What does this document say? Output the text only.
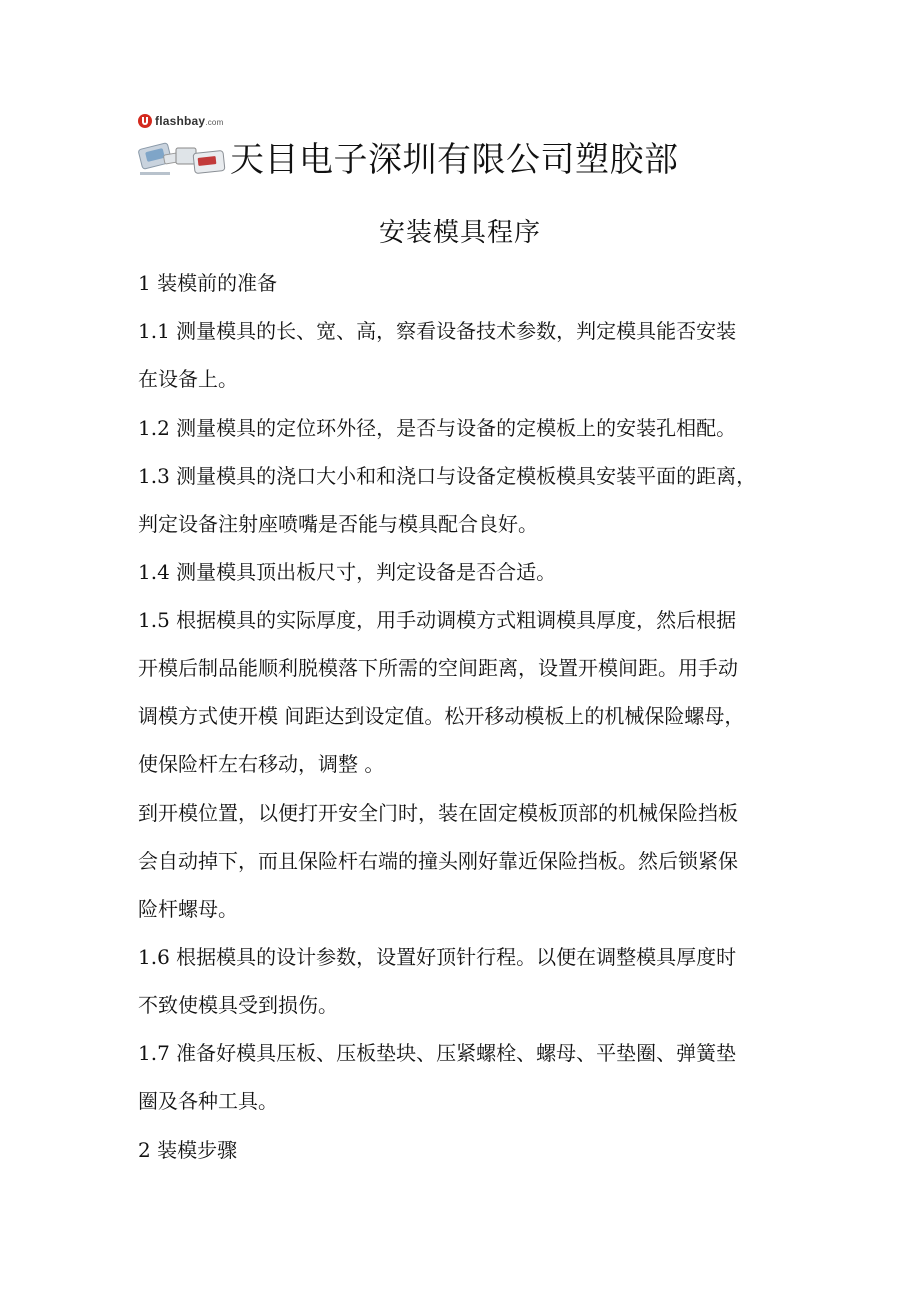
flashbay.com
天目电子深圳有限公司塑胶部
安装模具程序
1 装模前的准备
1.1 测量模具的长、宽、高，察看设备技术参数，判定模具能否安装
在设备上。
1.2 测量模具的定位环外径，是否与设备的定模板上的安装孔相配。
1.3 测量模具的浇口大小和和浇口与设备定模板模具安装平面的距离，
判定设备注射座喷嘴是否能与模具配合良好。
1.4 测量模具顶出板尺寸，判定设备是否合适。
1.5 根据模具的实际厚度，用手动调模方式粗调模具厚度，然后根据
开模后制品能顺利脱模落下所需的空间距离，设置开模间距。用手动
调模方式使开模 间距达到设定值。松开移动模板上的机械保险螺母，
使保险杆左右移动，调整 。
到开模位置，以便打开安全门时，装在固定模板顶部的机械保险挡板
会自动掉下，而且保险杆右端的撞头刚好靠近保险挡板。然后锁紧保
险杆螺母。
1.6 根据模具的设计参数，设置好顶针行程。以便在调整模具厚度时
不致使模具受到损伤。
1.7 准备好模具压板、压板垫块、压紧螺栓、螺母、平垫圈、弹簧垫
圈及各种工具。
2 装模步骤
